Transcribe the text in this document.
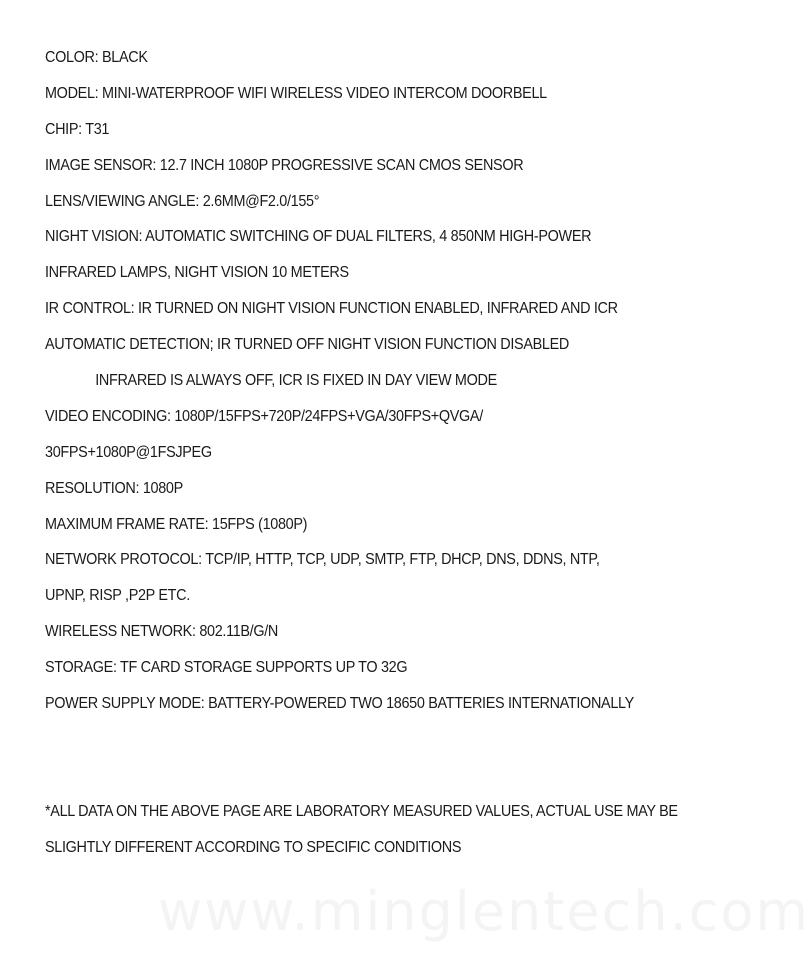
COLOR: BLACK
MODEL: MINI-WATERPROOF WIFI WIRELESS VIDEO INTERCOM DOORBELL
CHIP: T31
IMAGE SENSOR: 12.7 INCH 1080P PROGRESSIVE SCAN CMOS SENSOR
LENS/VIEWING ANGLE: 2.6MM@F2.0/155°
NIGHT VISION: AUTOMATIC SWITCHING OF DUAL FILTERS, 4 850NM HIGH-POWER
INFRARED LAMPS, NIGHT VISION 10 METERS
IR CONTROL: IR TURNED ON NIGHT VISION FUNCTION ENABLED, INFRARED AND ICR
AUTOMATIC DETECTION; IR TURNED OFF NIGHT VISION FUNCTION DISABLED
INFRARED IS ALWAYS OFF, ICR IS FIXED IN DAY VIEW MODE
VIDEO ENCODING: 1080P/15FPS+720P/24FPS+VGA/30FPS+QVGA/
30FPS+1080P@1FSJPEG
RESOLUTION: 1080P
MAXIMUM FRAME RATE: 15FPS (1080P)
NETWORK PROTOCOL: TCP/IP, HTTP, TCP, UDP, SMTP, FTP, DHCP, DNS, DDNS, NTP,
UPNP, RISP ,P2P ETC.
WIRELESS NETWORK: 802.11B/G/N
STORAGE: TF CARD STORAGE SUPPORTS UP TO 32G
POWER SUPPLY MODE: BATTERY-POWERED TWO 18650 BATTERIES INTERNATIONALLY
*ALL DATA ON THE ABOVE PAGE ARE LABORATORY MEASURED VALUES, ACTUAL USE MAY BE
SLIGHTLY DIFFERENT ACCORDING TO SPECIFIC CONDITIONS
www.minglentech.com
